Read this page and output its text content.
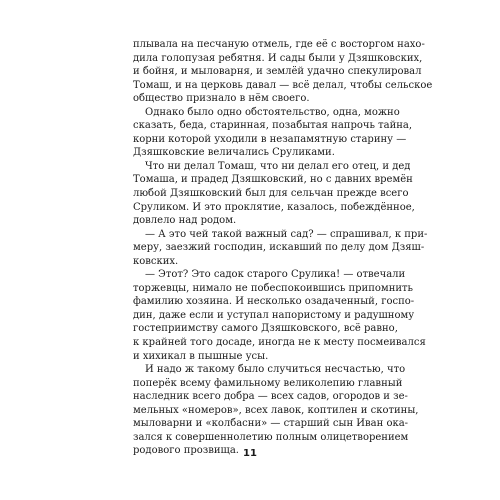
плывала на песчаную отмель, где её с восторгом нахо-
дила голопузая ребятня. И сады были у Дзяшковских,
и бойня, и мыловарня, и землёй удачно спекулировал
Томаш, и на церковь давал — всё делал, чтобы сельское
общество признало в нём своего.
Однако было одно обстоятельство, одна, можно
сказать, беда, старинная, позабытая напрочь тайна,
корни которой уходили в незапамятную старину —
Дзяшковские величались Сруликами.
Что ни делал Томаш, что ни делал его отец, и дед
Томаша, и прадед Дзяшковский, но с давних времён
любой Дзяшковский был для сельчан прежде всего
Сруликом. И это проклятие, казалось, побеждённое,
довлело над родом.
— А это чей такой важный сад? — спрашивал, к при-
меру, заезжий господин, искавший по делу дом Дзяш-
ковских.
— Этот? Это садок старого Срулика! — отвечали
торжевцы, нимало не побеспокоившись припомнить
фамилию хозяина. И несколько озадаченный, госпо-
дин, даже если и уступал напористому и радушному
гостеприимству самого Дзяшковского, всё равно,
к крайней того досаде, иногда не к месту посмеивался
и хихикал в пышные усы.
И надо ж такому было случиться несчастью, что
поперёк всему фамильному великолепию главный
наследник всего добра — всех садов, огородов и зе-
мельных «номеров», всех лавок, коптилен и скотины,
мыловарни и «колбасни» — старший сын Иван ока-
зался к совершеннолетию полным олицетворением
родового прозвища. 11
